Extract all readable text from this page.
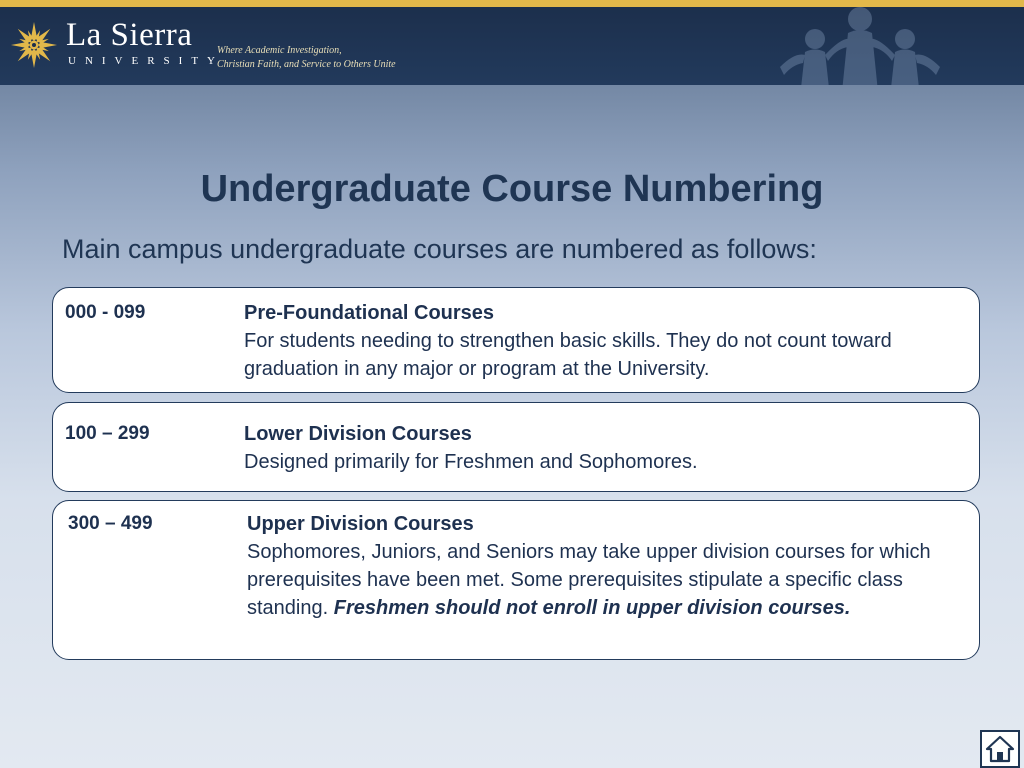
La Sierra
UNIVERSITY
Where Academic Investigation,
Christian Faith, and Service to Others Unite
Undergraduate Course Numbering

Main campus undergraduate courses are numbered as follows:

000 - 099	Pre-Foundational Courses
For students needing to strengthen basic skills. They do not count toward graduation in any major or program at the University.
100 – 299	Lower Division Courses
Designed primarily for Freshmen and Sophomores.
300 – 499	Upper Division Courses
Sophomores, Juniors, and Seniors may take upper division courses for which prerequisites have been met. Some prerequisites stipulate a specific class standing. Freshmen should not enroll in upper division courses.
